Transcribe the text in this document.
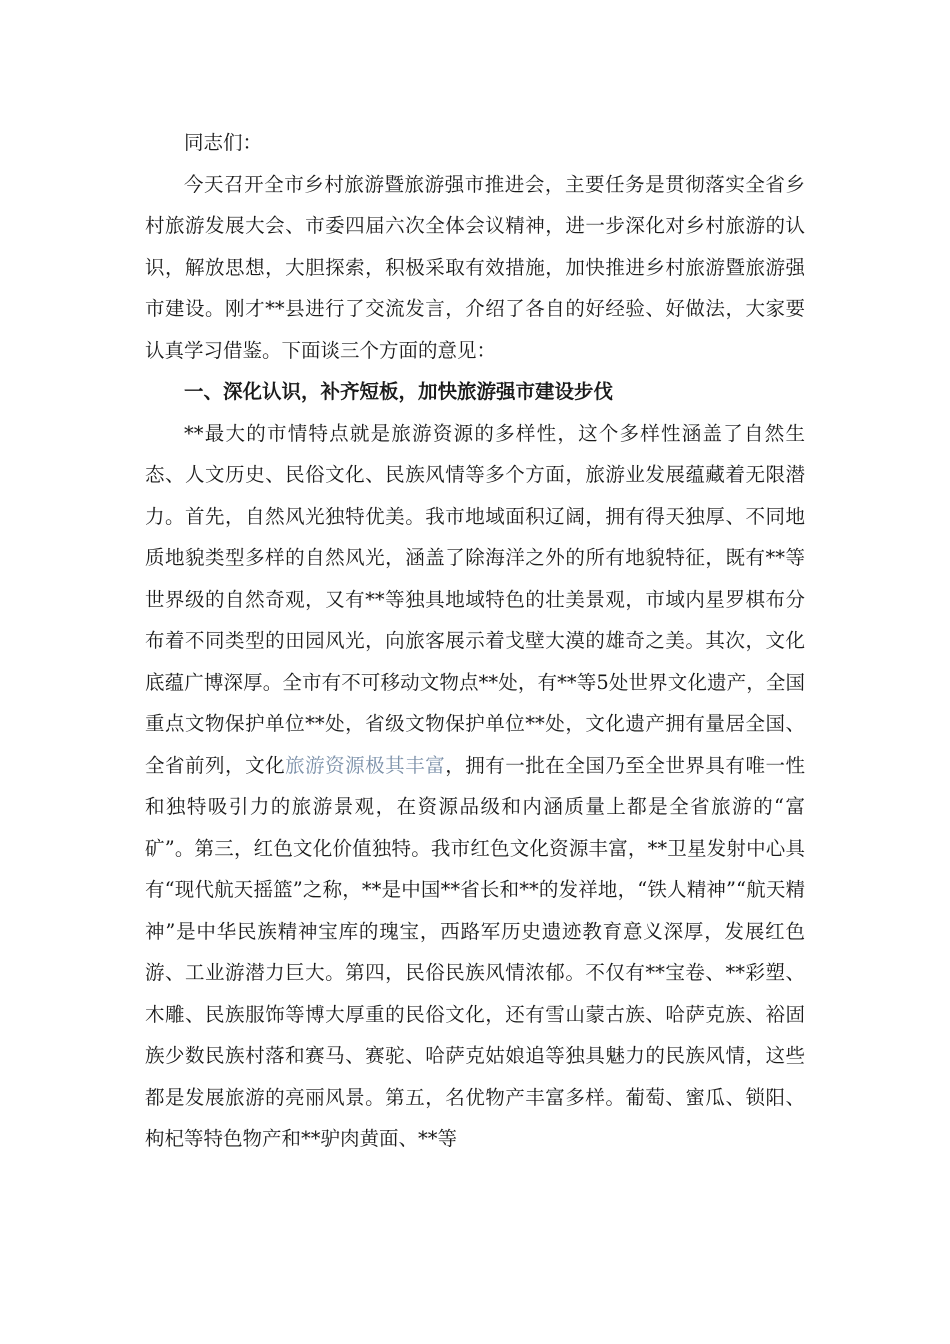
同志们：

今天召开全市乡村旅游暨旅游强市推进会，主要任务是贯彻落实全省乡村旅游发展大会、市委四届六次全体会议精神，进一步深化对乡村旅游的认识，解放思想，大胆探索，积极采取有效措施，加快推进乡村旅游暨旅游强市建设。刚才**县进行了交流发言，介绍了各自的好经验、好做法，大家要认真学习借鉴。下面谈三个方面的意见：

一、深化认识，补齐短板，加快旅游强市建设步伐

**最大的市情特点就是旅游资源的多样性，这个多样性涵盖了自然生态、人文历史、民俗文化、民族风情等多个方面，旅游业发展蕴藏着无限潜力。首先，自然风光独特优美。我市地域面积辽阔，拥有得天独厚、不同地质地貌类型多样的自然风光，涵盖了除海洋之外的所有地貌特征，既有**等世界级的自然奇观，又有**等独具地域特色的壮美景观，市域内星罗棋布分布着不同类型的田园风光，向旅客展示着戈壁大漠的雄奇之美。其次，文化底蕴广博深厚。全市有不可移动文物点**处，有**等5处世界文化遗产，全国重点文物保护单位**处，省级文物保护单位**处，文化遗产拥有量居全国、全省前列，文化旅游资源极其丰富，拥有一批在全国乃至全世界具有唯一性和独特吸引力的旅游景观，在资源品级和内涵质量上都是全省旅游的“富矿”。第三，红色文化价值独特。我市红色文化资源丰富，**卫星发射中心具有“现代航天摇篮”之称，**是中国**省长和**的发祥地，“铁人精神”“航天精神”是中华民族精神宝库的瑰宝，西路军历史遗迹教育意义深厚，发展红色游、工业游潜力巨大。第四，民俗民族风情浓郁。不仅有**宝卷、**彩塑、木雕、民族服饰等博大厚重的民俗文化，还有雪山蒙古族、哈萨克族、裕固族少数民族村落和赛马、赛驼、哈萨克姑娘追等独具魅力的民族风情，这些都是发展旅游的亮丽风景。第五，名优物产丰富多样。葡萄、蜜瓜、锁阳、枸杞等特色物产和**驴肉黄面、**等
